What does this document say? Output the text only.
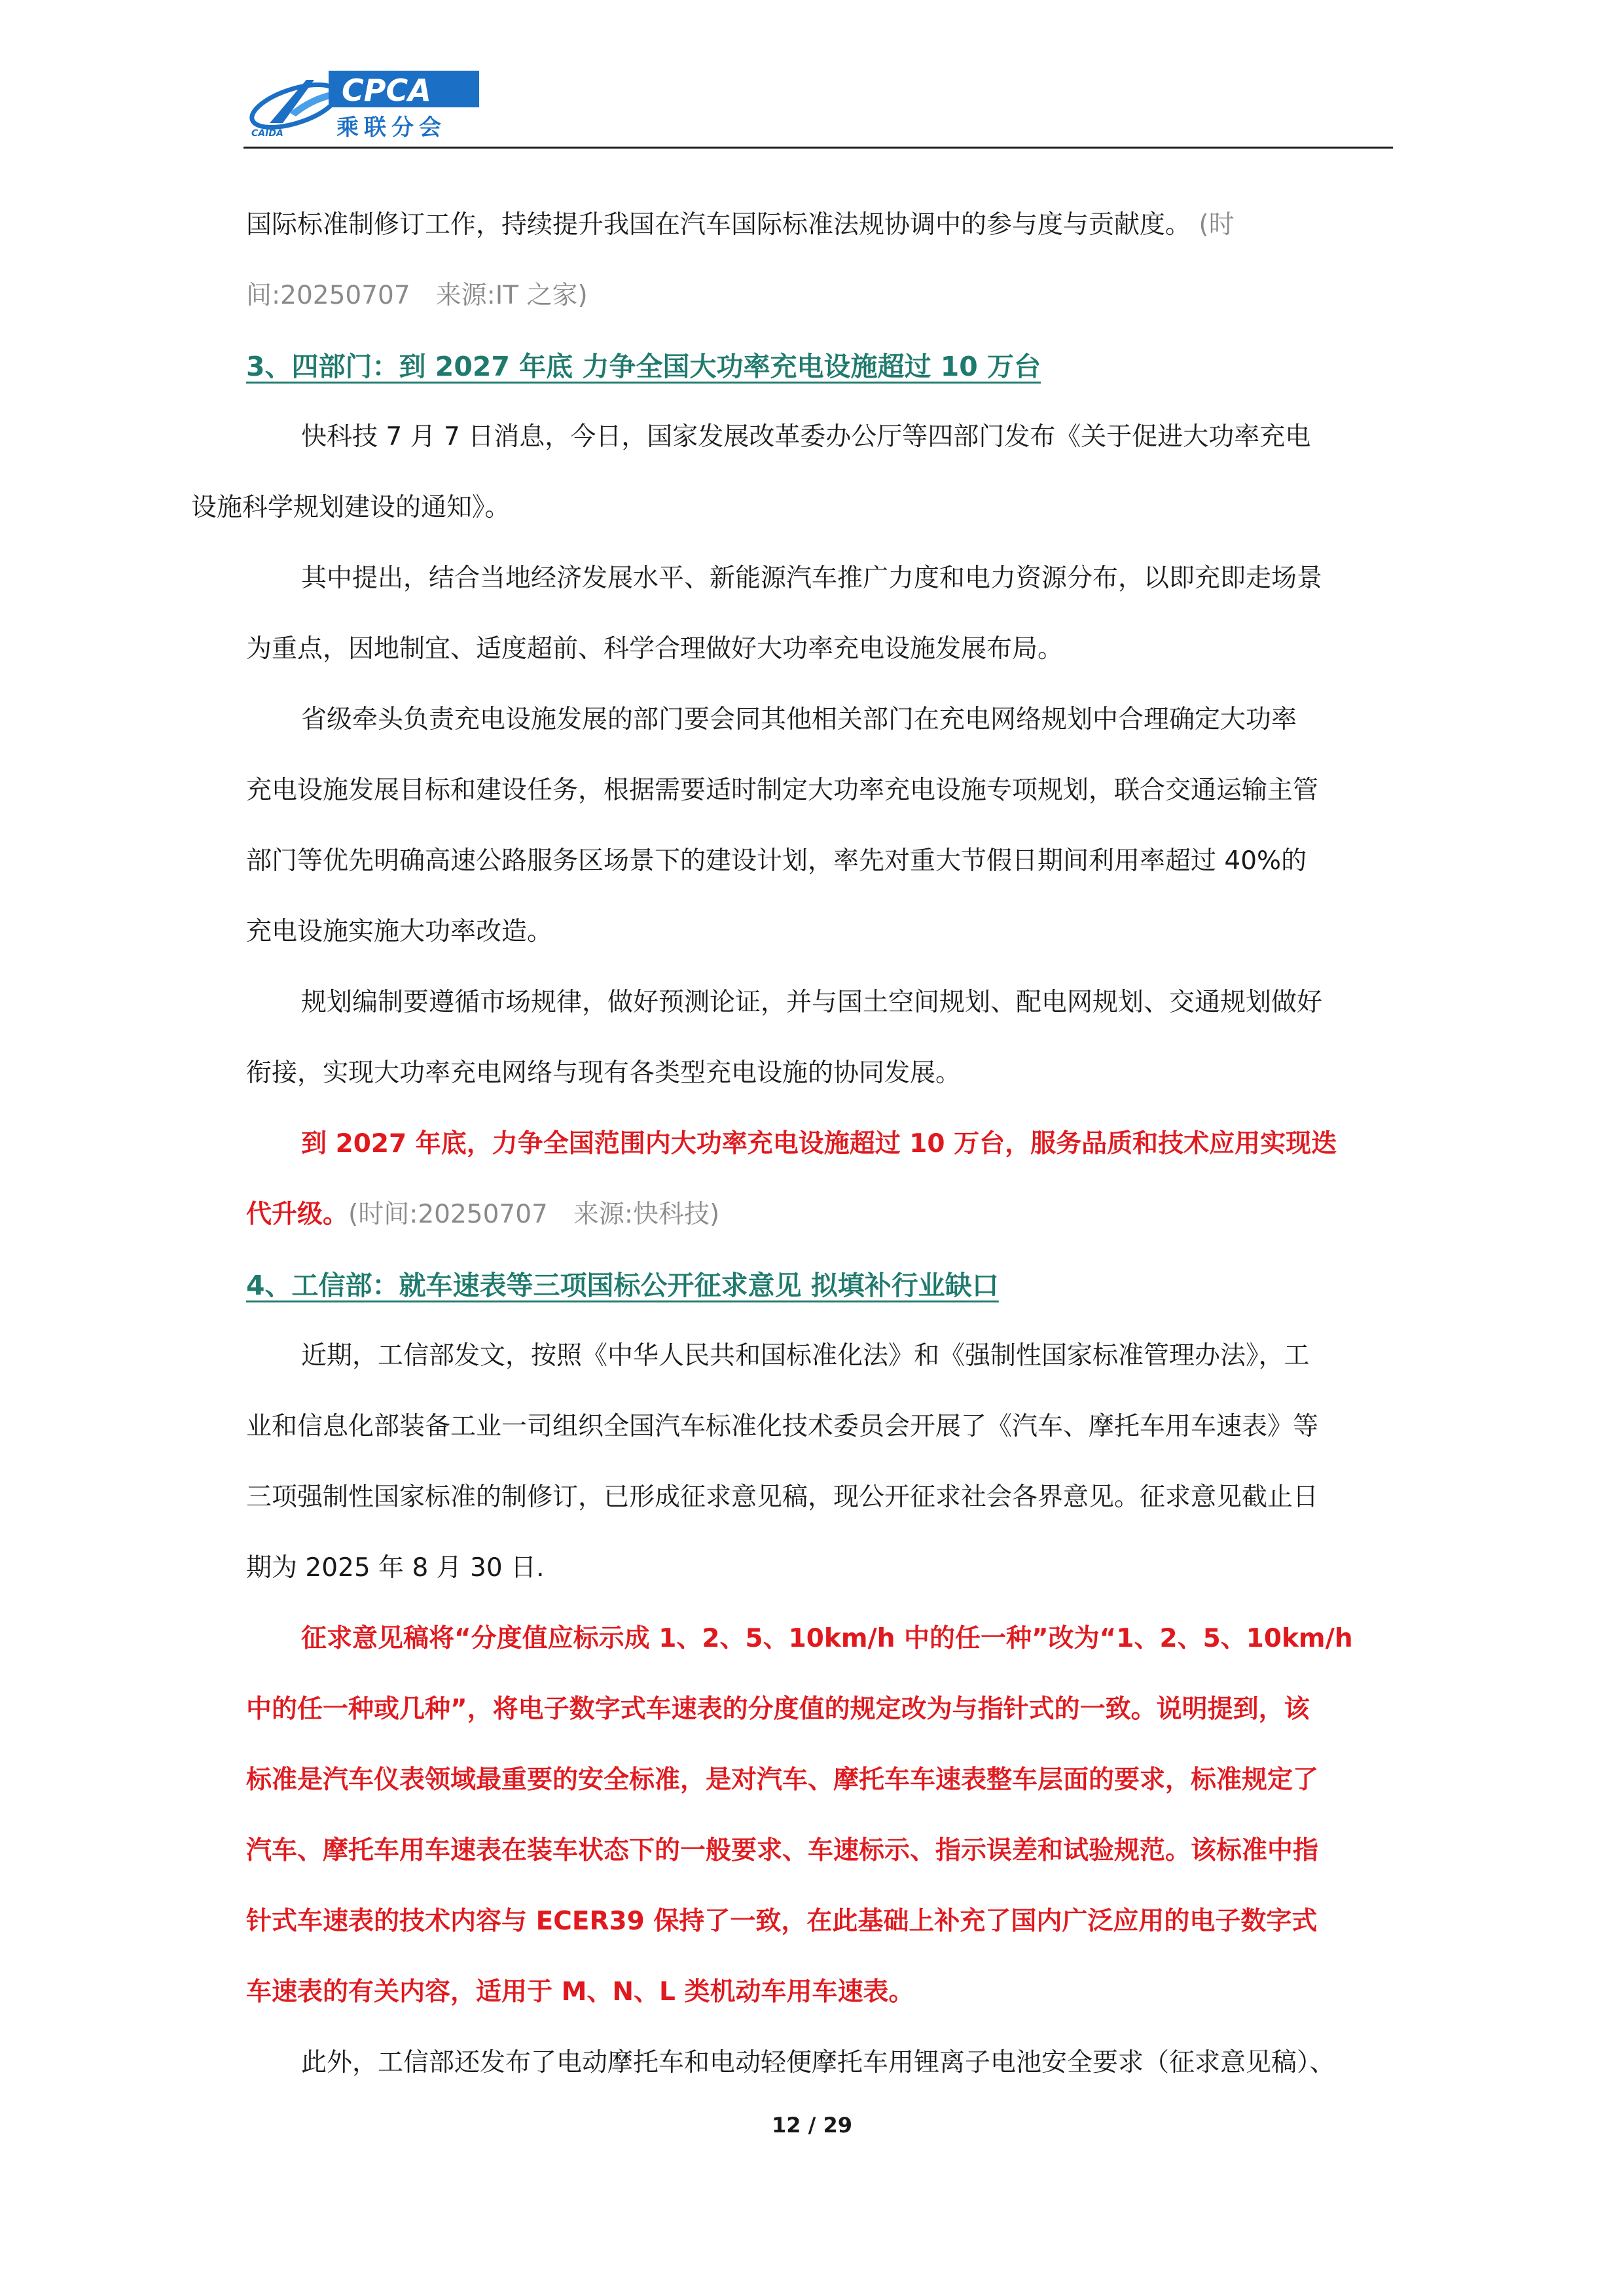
CAIDA
CPCA
乘联分会

国际标准制修订工作，持续提升我国在汽车国际标准法规协调中的参与度与贡献度。 (时
间:20250707　来源:IT 之家)

3、四部门：到 2027 年底 力争全国大功率充电设施超过 10 万台

快科技 7 月 7 日消息，今日，国家发展改革委办公厅等四部门发布《关于促进大功率充电
设施科学规划建设的通知》。

其中提出，结合当地经济发展水平、新能源汽车推广力度和电力资源分布，以即充即走场景
为重点，因地制宜、适度超前、科学合理做好大功率充电设施发展布局。

省级牵头负责充电设施发展的部门要会同其他相关部门在充电网络规划中合理确定大功率
充电设施发展目标和建设任务，根据需要适时制定大功率充电设施专项规划，联合交通运输主管
部门等优先明确高速公路服务区场景下的建设计划，率先对重大节假日期间利用率超过 40%的
充电设施实施大功率改造。

规划编制要遵循市场规律，做好预测论证，并与国土空间规划、配电网规划、交通规划做好
衔接，实现大功率充电网络与现有各类型充电设施的协同发展。

到 2027 年底，力争全国范围内大功率充电设施超过 10 万台，服务品质和技术应用实现迭
代升级。(时间:20250707　来源:快科技)

4、工信部：就车速表等三项国标公开征求意见 拟填补行业缺口

近期，工信部发文，按照《中华人民共和国标准化法》和《强制性国家标准管理办法》，工
业和信息化部装备工业一司组织全国汽车标准化技术委员会开展了《汽车、摩托车用车速表》等
三项强制性国家标准的制修订，已形成征求意见稿，现公开征求社会各界意见。征求意见截止日
期为 2025 年 8 月 30 日.

征求意见稿将“分度值应标示成 1、2、5、10km/h 中的任一种”改为“1、2、5、10km/h
中的任一种或几种”，将电子数字式车速表的分度值的规定改为与指针式的一致。说明提到，该
标准是汽车仪表领域最重要的安全标准，是对汽车、摩托车车速表整车层面的要求，标准规定了
汽车、摩托车用车速表在装车状态下的一般要求、车速标示、指示误差和试验规范。该标准中指
针式车速表的技术内容与 ECER39 保持了一致，在此基础上补充了国内广泛应用的电子数字式
车速表的有关内容，适用于 M、N、L 类机动车用车速表。

此外，工信部还发布了电动摩托车和电动轻便摩托车用锂离子电池安全要求（征求意见稿）、

12 / 29
